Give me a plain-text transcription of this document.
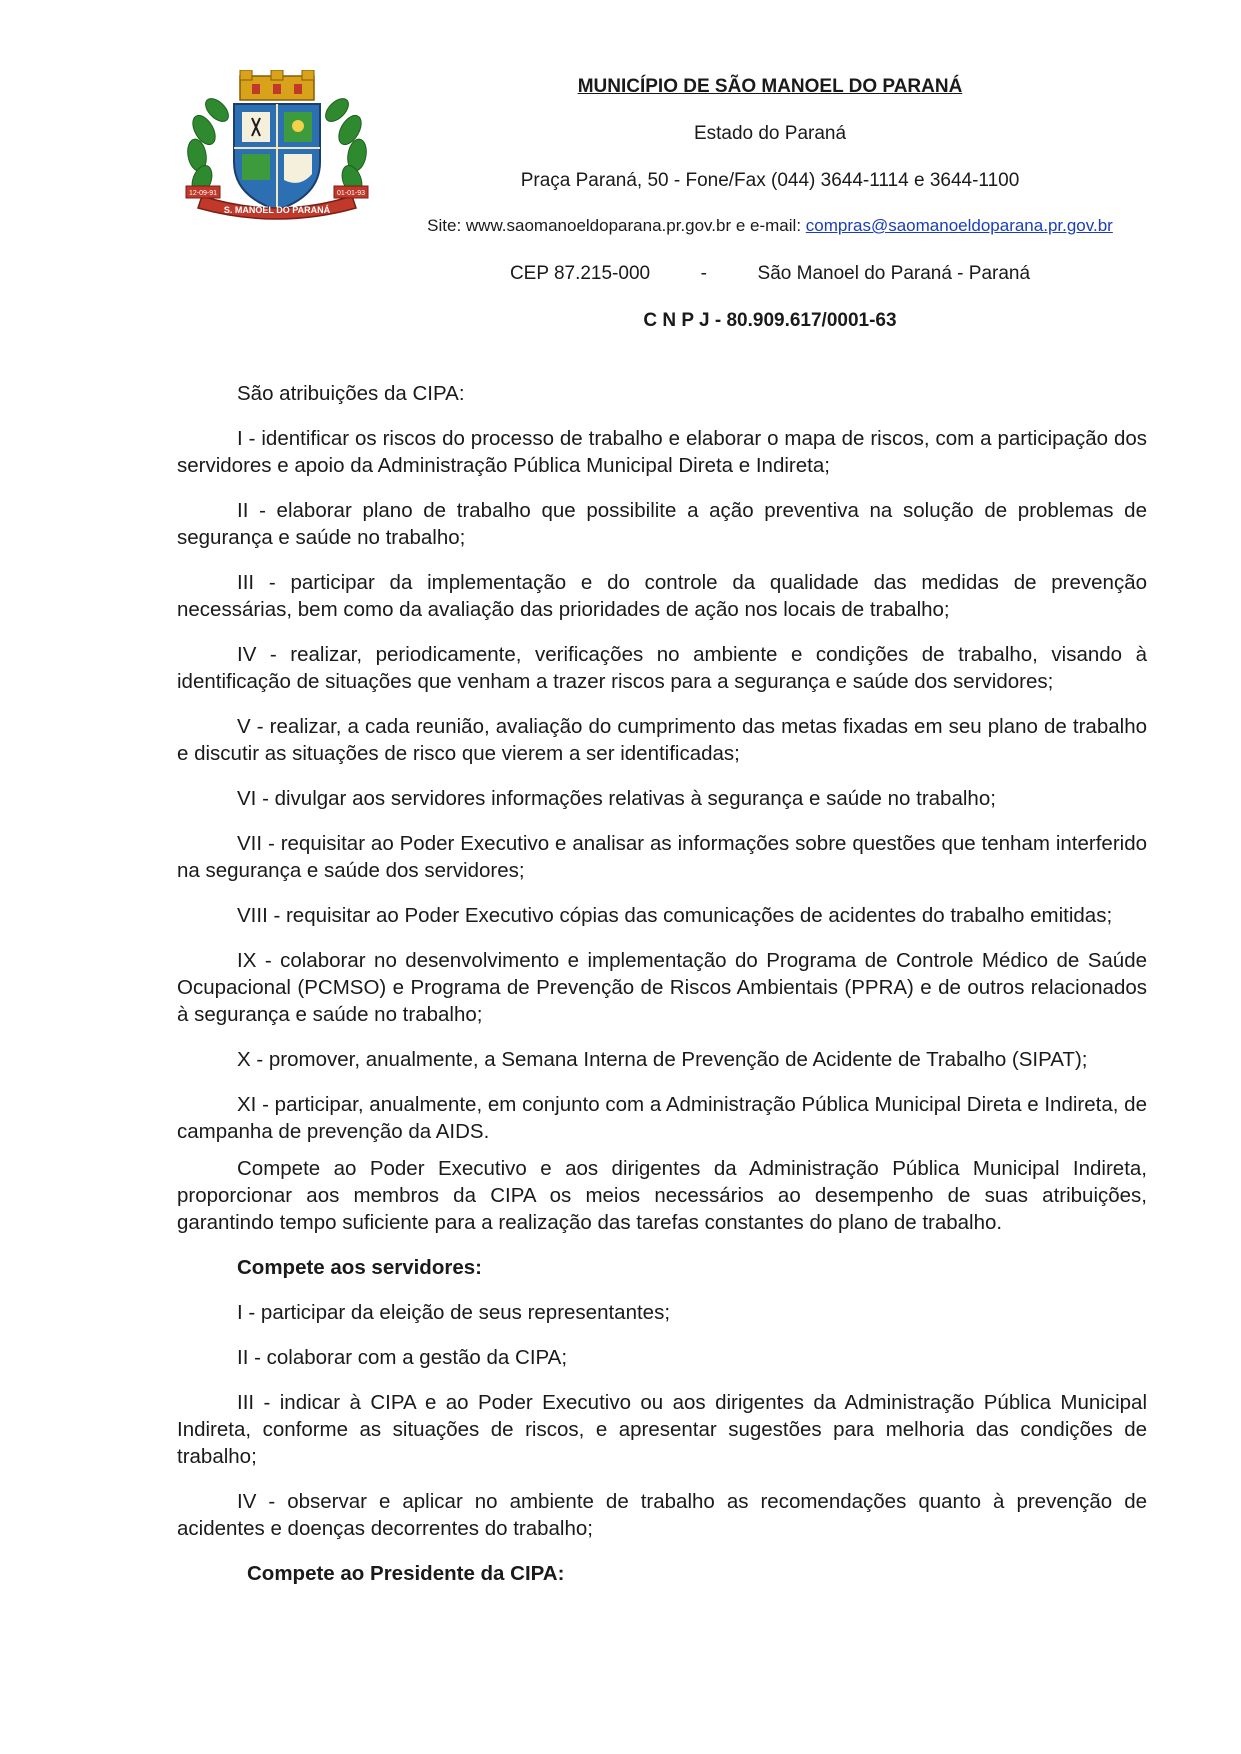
S. MANOEL DO PARANÁ
12-09-91	01-01-93
MUNICÍPIO DE SÃO MANOEL DO PARANÁ
Estado do Paraná
Praça Paraná, 50 - Fone/Fax (044) 3644-1114 e 3644-1100
Site: www.saomanoeldoparana.pr.gov.br e e-mail: compras@saomanoeldoparana.pr.gov.br
CEP 87.215-000	-	São Manoel do Paraná - Paraná
C N P J - 80.909.617/0001-63

São atribuições da CIPA:

I - identificar os riscos do processo de trabalho e elaborar o mapa de riscos, com a participação dos servidores e apoio da Administração Pública Municipal Direta e Indireta;

II - elaborar plano de trabalho que possibilite a ação preventiva na solução de problemas de segurança e saúde no trabalho;

III - participar da implementação e do controle da qualidade das medidas de prevenção necessárias, bem como da avaliação das prioridades de ação nos locais de trabalho;

IV - realizar, periodicamente, verificações no ambiente e condições de trabalho, visando à identificação de situações que venham a trazer riscos para a segurança e saúde dos servidores;

V - realizar, a cada reunião, avaliação do cumprimento das metas fixadas em seu plano de trabalho e discutir as situações de risco que vierem a ser identificadas;

VI - divulgar aos servidores informações relativas à segurança e saúde no trabalho;

VII - requisitar ao Poder Executivo e analisar as informações sobre questões que tenham interferido na segurança e saúde dos servidores;

VIII - requisitar ao Poder Executivo cópias das comunicações de acidentes do trabalho emitidas;

IX - colaborar no desenvolvimento e implementação do Programa de Controle Médico de Saúde Ocupacional (PCMSO) e Programa de Prevenção de Riscos Ambientais (PPRA) e de outros relacionados à segurança e saúde no trabalho;

X - promover, anualmente, a Semana Interna de Prevenção de Acidente de Trabalho (SIPAT);

XI - participar, anualmente, em conjunto com a Administração Pública Municipal Direta e Indireta, de campanha de prevenção da AIDS.

Compete ao Poder Executivo e aos dirigentes da Administração Pública Municipal Indireta, proporcionar aos membros da CIPA os meios necessários ao desempenho de suas atribuições, garantindo tempo suficiente para a realização das tarefas constantes do plano de trabalho.

Compete aos servidores:

I - participar da eleição de seus representantes;

II - colaborar com a gestão da CIPA;

III - indicar à CIPA e ao Poder Executivo ou aos dirigentes da Administração Pública Municipal Indireta, conforme as situações de riscos, e apresentar sugestões para melhoria das condições de trabalho;

IV - observar e aplicar no ambiente de trabalho as recomendações quanto à prevenção de acidentes e doenças decorrentes do trabalho;

Compete ao Presidente da CIPA:
